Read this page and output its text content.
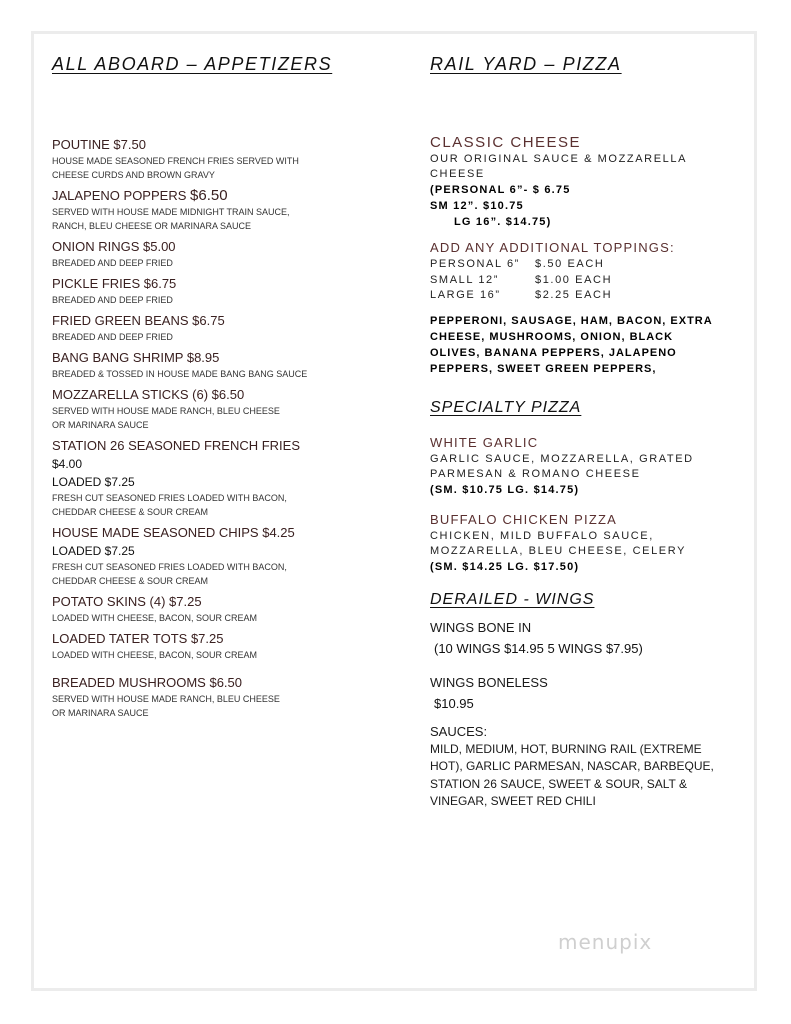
ALL ABOARD – APPETIZERS
POUTINE $7.50
HOUSE MADE SEASONED FRENCH FRIES SERVED WITH
CHEESE CURDS AND BROWN GRAVY
JALAPENO POPPERS $6.50
SERVED WITH HOUSE MADE MIDNIGHT TRAIN SAUCE,
RANCH, BLEU CHEESE OR MARINARA SAUCE
ONION RINGS $5.00
BREADED AND DEEP FRIED
PICKLE FRIES $6.75
BREADED AND DEEP FRIED
FRIED GREEN BEANS $6.75
BREADED AND DEEP FRIED
BANG BANG SHRIMP $8.95
BREADED & TOSSED IN HOUSE MADE BANG BANG SAUCE
MOZZARELLA STICKS (6) $6.50
SERVED WITH HOUSE MADE RANCH, BLEU CHEESE
OR MARINARA SAUCE
STATION 26 SEASONED FRENCH FRIES
$4.00
LOADED $7.25
FRESH CUT SEASONED FRIES LOADED WITH BACON,
CHEDDAR CHEESE & SOUR CREAM
HOUSE MADE SEASONED CHIPS $4.25
LOADED $7.25
FRESH CUT SEASONED FRIES LOADED WITH BACON,
CHEDDAR CHEESE & SOUR CREAM
POTATO SKINS (4) $7.25
LOADED WITH CHEESE, BACON, SOUR CREAM
LOADED TATER TOTS $7.25
LOADED WITH CHEESE, BACON, SOUR CREAM
BREADED MUSHROOMS $6.50
SERVED WITH HOUSE MADE RANCH, BLEU CHEESE
OR MARINARA SAUCE
RAIL YARD – PIZZA
CLASSIC CHEESE
OUR ORIGINAL SAUCE & MOZZARELLA
CHEESE
(PERSONAL 6”- $ 6.75
SM 12”. $10.75
LG 16”. $14.75)
ADD ANY ADDITIONAL TOPPINGS:
PERSONAL 6”	$.50 EACH
SMALL 12”	$1.00 EACH
LARGE 16”	$2.25 EACH
PEPPERONI, SAUSAGE, HAM, BACON, EXTRA
CHEESE, MUSHROOMS, ONION, BLACK
OLIVES, BANANA PEPPERS, JALAPENO
PEPPERS, SWEET GREEN PEPPERS,
SPECIALTY PIZZA
WHITE GARLIC
GARLIC SAUCE, MOZZARELLA, GRATED
PARMESAN & ROMANO CHEESE
(SM. $10.75 LG. $14.75)
BUFFALO CHICKEN PIZZA
CHICKEN, MILD BUFFALO SAUCE,
MOZZARELLA, BLEU CHEESE, CELERY
(SM. $14.25 LG. $17.50)
DERAILED - WINGS
WINGS BONE IN
(10 WINGS $14.95 5 WINGS $7.95)
WINGS BONELESS
$10.95
SAUCES:
MILD, MEDIUM, HOT, BURNING RAIL (EXTREME
HOT), GARLIC PARMESAN, NASCAR, BARBEQUE,
STATION 26 SAUCE, SWEET & SOUR, SALT &
VINEGAR, SWEET RED CHILI
menupix
